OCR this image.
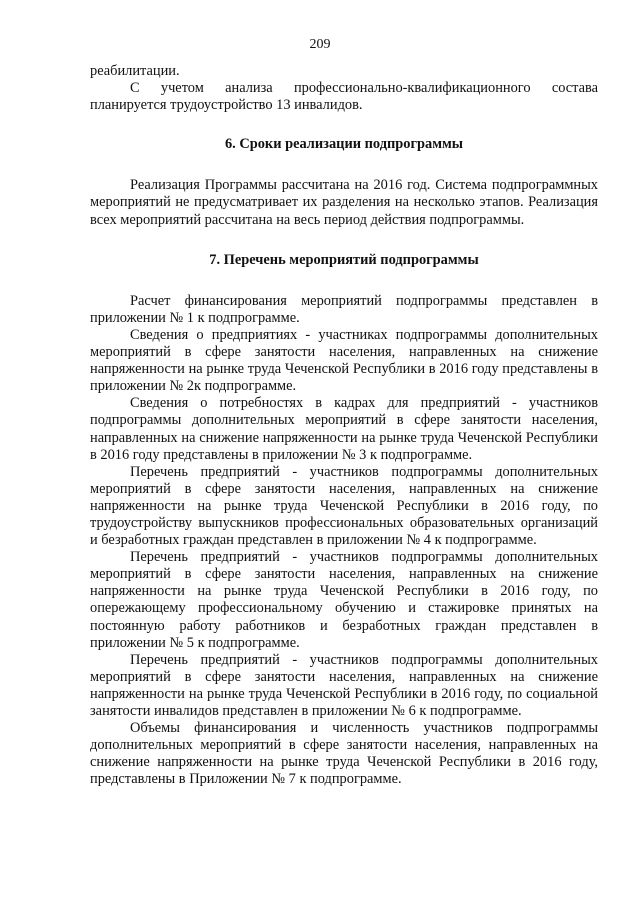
209

реабилитации.

С учетом анализа профессионально-квалификационного состава планируется трудоустройство 13 инвалидов.

6. Сроки реализации подпрограммы

Реализация Программы рассчитана на 2016 год. Система подпрограммных мероприятий не предусматривает их разделения на несколько этапов. Реализация всех мероприятий рассчитана на весь период действия подпрограммы.

7. Перечень мероприятий подпрограммы

Расчет финансирования мероприятий подпрограммы представлен в приложении № 1 к подпрограмме.

Сведения о предприятиях - участниках подпрограммы дополнительных мероприятий в сфере занятости населения, направленных на снижение напряженности на рынке труда Чеченской Республики в 2016 году представлены в приложении № 2к подпрограмме.

Сведения о потребностях в кадрах для предприятий - участников подпрограммы дополнительных мероприятий в сфере занятости населения, направленных на снижение напряженности на рынке труда Чеченской Республики в 2016 году представлены в приложении № 3 к подпрограмме.

Перечень предприятий - участников подпрограммы дополнительных мероприятий в сфере занятости населения, направленных на снижение напряженности на рынке труда Чеченской Республики в 2016 году, по трудоустройству выпускников профессиональных образовательных организаций и безработных граждан представлен в приложении № 4 к подпрограмме.

Перечень предприятий - участников подпрограммы дополнительных мероприятий в сфере занятости населения, направленных на снижение напряженности на рынке труда Чеченской Республики в 2016 году, по опережающему профессиональному обучению и стажировке принятых на постоянную работу работников и безработных граждан представлен в приложении № 5 к подпрограмме.

Перечень предприятий - участников подпрограммы дополнительных мероприятий в сфере занятости населения, направленных на снижение напряженности на рынке труда Чеченской Республики в 2016 году, по социальной занятости инвалидов представлен в приложении № 6 к подпрограмме.

Объемы финансирования и численность участников подпрограммы дополнительных мероприятий в сфере занятости населения, направленных на снижение напряженности на рынке труда Чеченской Республики в 2016 году, представлены в Приложении № 7 к подпрограмме.
